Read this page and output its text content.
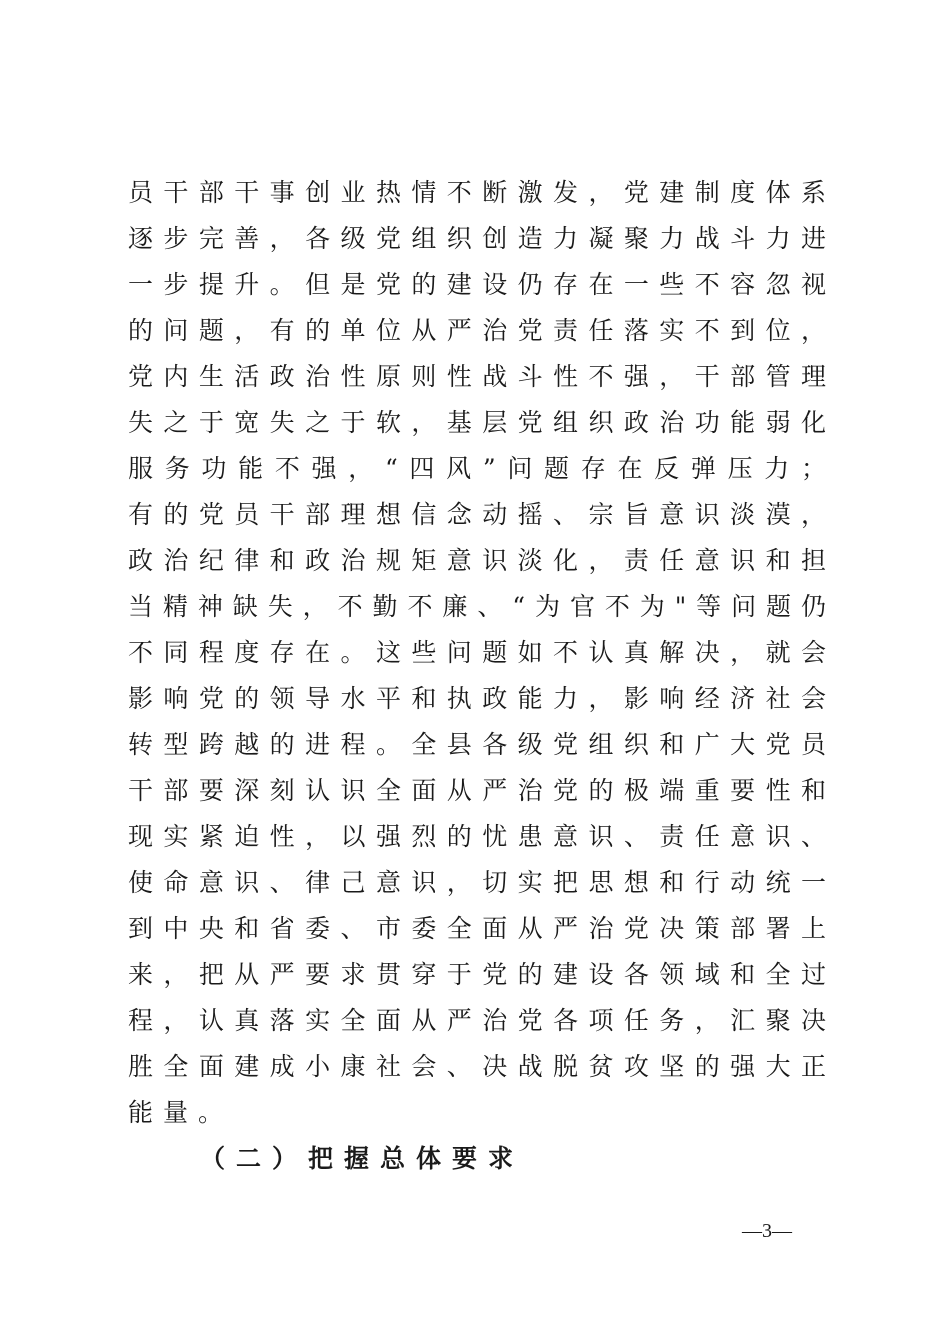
员干部干事创业热情不断激发，党建制度体系
逐步完善，各级党组织创造力凝聚力战斗力进
一步提升。但是党的建设仍存在一些不容忽视
的问题，有的单位从严治党责任落实不到位，
党内生活政治性原则性战斗性不强，干部管理
失之于宽失之于软，基层党组织政治功能弱化
服务功能不强，“四风”问题存在反弹压力；
有的党员干部理想信念动摇、宗旨意识淡漠，
政治纪律和政治规矩意识淡化，责任意识和担
当精神缺失，不勤不廉、“为官不为"等问题仍
不同程度存在。这些问题如不认真解决，就会
影响党的领导水平和执政能力，影响经济社会
转型跨越的进程。全县各级党组织和广大党员
干部要深刻认识全面从严治党的极端重要性和
现实紧迫性，以强烈的忧患意识、责任意识、
使命意识、律己意识，切实把思想和行动统一
到中央和省委、市委全面从严治党决策部署上
来，把从严要求贯穿于党的建设各领域和全过
程，认真落实全面从严治党各项任务，汇聚决
胜全面建成小康社会、决战脱贫攻坚的强大正
能量。
（二）把握总体要求
—3—
